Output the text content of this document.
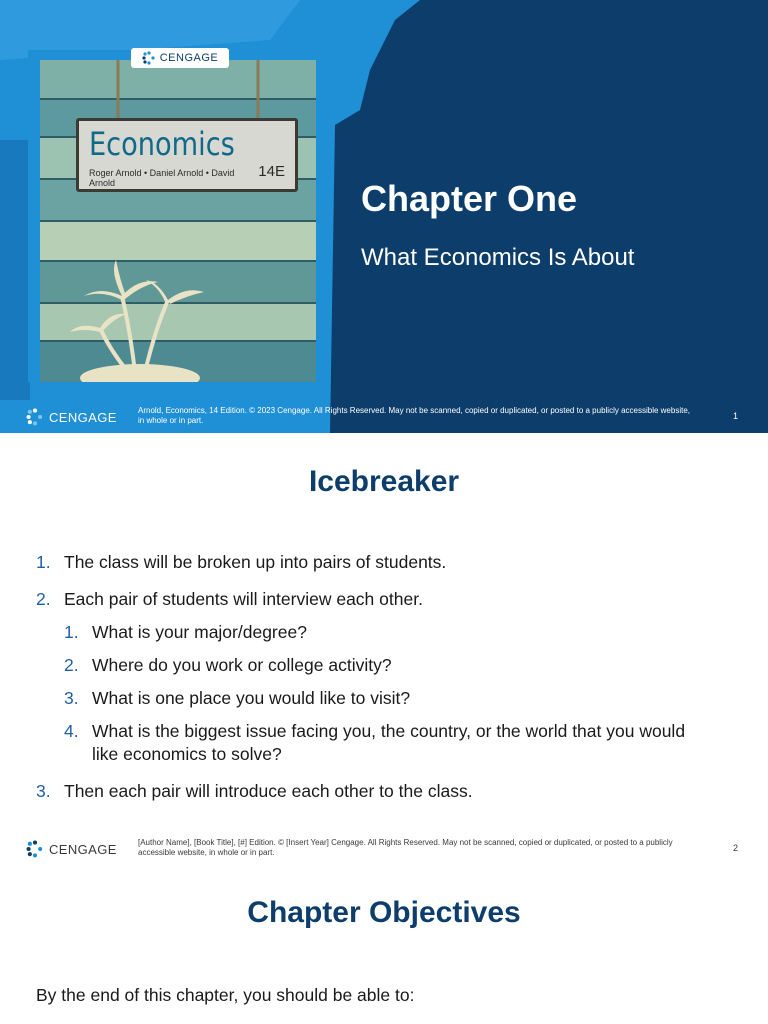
Economics
Roger Arnold • Daniel Arnold • David Arnold
14E
CENGAGE
Chapter One
What Economics Is About
CENGAGE	Arnold, Economics, 14 Edition. © 2023 Cengage. All Rights Reserved. May not be scanned, copied or duplicated, or posted to a publicly accessible website, in whole or in part.	1
Icebreaker
1. The class will be broken up into pairs of students.
2. Each pair of students will interview each other.
1. What is your major/degree?
2. Where do you work or college activity?
3. What is one place you would like to visit?
4. What is the biggest issue facing you, the country, or the world that you would like economics to solve?
3. Then each pair will introduce each other to the class.
CENGAGE	[Author Name], [Book Title], [#] Edition. © [Insert Year] Cengage. All Rights Reserved. May not be scanned, copied or duplicated, or posted to a publicly accessible website, in whole or in part.	2
Chapter Objectives
By the end of this chapter, you should be able to:
